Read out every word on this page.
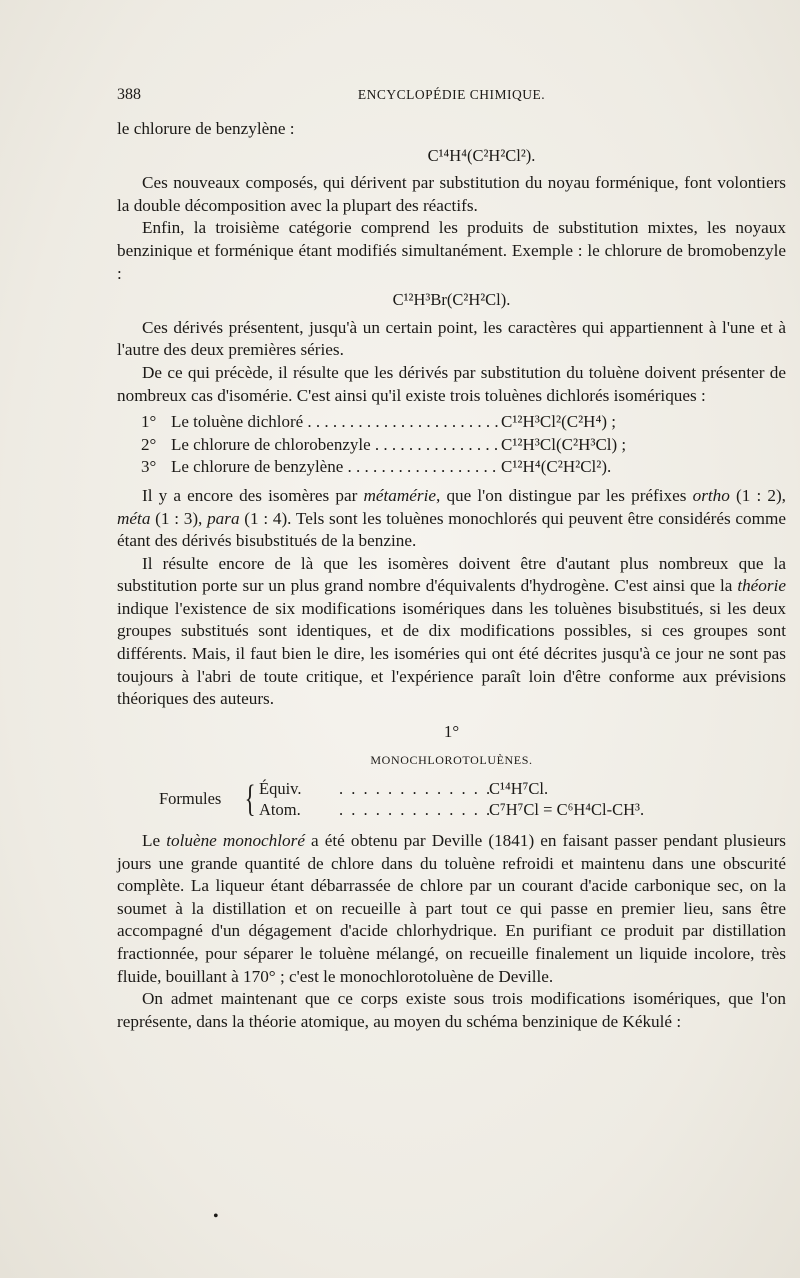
388	ENCYCLOPÉDIE CHIMIQUE.

le chlorure de benzylène :

C¹⁴H⁴(C²H²Cl²).

Ces nouveaux composés, qui dérivent par substitution du noyau forménique, font volontiers la double décomposition avec la plupart des réactifs.

Enfin, la troisième catégorie comprend les produits de substitution mixtes, les noyaux benzinique et forménique étant modifiés simultanément. Exemple : le chlorure de bromobenzyle :

C¹²H³Br(C²H²Cl).

Ces dérivés présentent, jusqu'à un certain point, les caractères qui appartiennent à l'une et à l'autre des deux premières séries.

De ce qui précède, il résulte que les dérivés par substitution du toluène doivent présenter de nombreux cas d'isomérie. C'est ainsi qu'il existe trois toluènes dichlorés isomériques :

1° Le toluène dichloré . . .	C¹²H³Cl²(C²H⁴) ;
2° Le chlorure de chlorobenzyle . . .	C¹²H³Cl(C²H³Cl) ;
3° Le chlorure de benzylène . . .	C¹²H⁴(C²H²Cl²).

Il y a encore des isomères par métamérie, que l'on distingue par les préfixes ortho (1 : 2), méta (1 : 3), para (1 : 4). Tels sont les toluènes monochlorés qui peuvent être considérés comme étant des dérivés bisubstitués de la benzine.

Il résulte encore de là que les isomères doivent être d'autant plus nombreux que la substitution porte sur un plus grand nombre d'équivalents d'hydrogène. C'est ainsi que la théorie indique l'existence de six modifications isomériques dans les toluènes bisubstitués, si les deux groupes substitués sont identiques, et de dix modifications possibles, si ces groupes sont différents. Mais, il faut bien le dire, les isoméries qui ont été décrites jusqu'à ce jour ne sont pas toujours à l'abri de toute critique, et l'expérience paraît loin d'être conforme aux prévisions théoriques des auteurs.

1°
MONOCHLOROTOLUÈNES.
Formules { Équiv. . . .	C¹⁴H⁷Cl.
Atom. . . .	C⁷H⁷Cl = C⁶H⁴Cl-CH³.

Le toluène monochloré a été obtenu par Deville (1841) en faisant passer pendant plusieurs jours une grande quantité de chlore dans du toluène refroidi et maintenu dans une obscurité complète. La liqueur étant débarrassée de chlore par un courant d'acide carbonique sec, on la soumet à la distillation et on recueille à part tout ce qui passe en premier lieu, sans être accompagné d'un dégagement d'acide chlorhydrique. En purifiant ce produit par distillation fractionnée, pour séparer le toluène mélangé, on recueille finalement un liquide incolore, très fluide, bouillant à 170° ; c'est le monochlorotoluène de Deville.

On admet maintenant que ce corps existe sous trois modifications isomériques, que l'on représente, dans la théorie atomique, au moyen du schéma benzinique de Kékulé :

•
